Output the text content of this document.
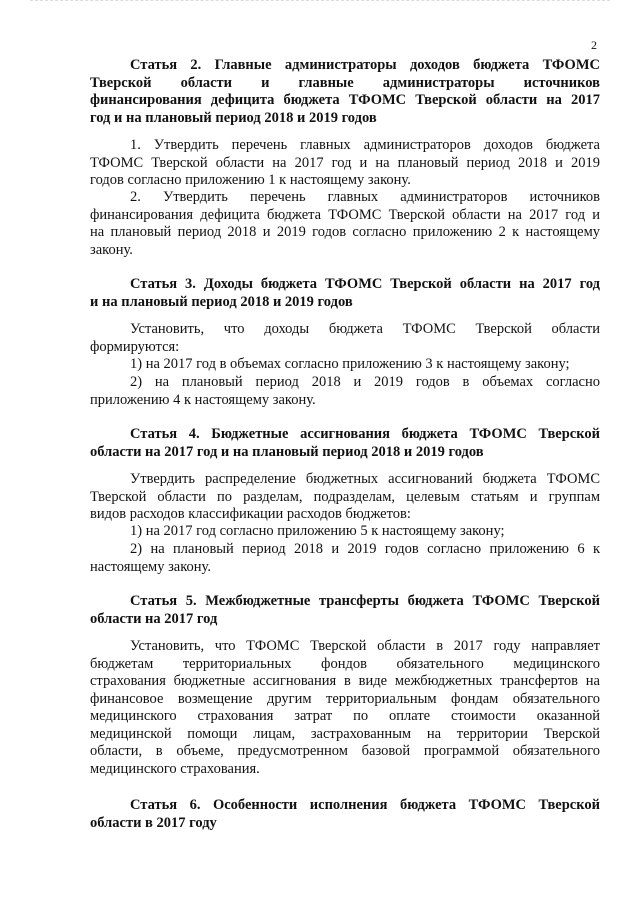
2
Статья 2. Главные администраторы доходов бюджета ТФОМС
Тверской области и главные администраторы источников
финансирования дефицита бюджета ТФОМС Тверской области на 2017
год и на плановый период 2018 и 2019 годов
1. Утвердить перечень главных администраторов доходов бюджета
ТФОМС Тверской области на 2017 год и на плановый период 2018 и 2019
годов согласно приложению 1 к настоящему закону.
2. Утвердить перечень главных администраторов источников
финансирования дефицита бюджета ТФОМС Тверской области на 2017 год и
на плановый период 2018 и 2019 годов согласно приложению 2 к настоящему
закону.
Статья 3. Доходы бюджета ТФОМС Тверской области на 2017 год
и на плановый период 2018 и 2019 годов
Установить, что доходы бюджета ТФОМС Тверской области
формируются:
1) на 2017 год в объемах согласно приложению 3 к настоящему закону;
2) на плановый период 2018 и 2019 годов в объемах согласно
приложению 4 к настоящему закону.
Статья 4. Бюджетные ассигнования бюджета ТФОМС Тверской
области на 2017 год и на плановый период 2018 и 2019 годов
Утвердить распределение бюджетных ассигнований бюджета ТФОМС
Тверской области по разделам, подразделам, целевым статьям и группам
видов расходов классификации расходов бюджетов:
1) на 2017 год согласно приложению 5 к настоящему закону;
2) на плановый период 2018 и 2019 годов согласно приложению 6 к
настоящему закону.
Статья 5. Межбюджетные трансферты бюджета ТФОМС Тверской
области на 2017 год
Установить, что ТФОМС Тверской области в 2017 году направляет
бюджетам территориальных фондов обязательного медицинского
страхования бюджетные ассигнования в виде межбюджетных трансфертов на
финансовое возмещение другим территориальным фондам обязательного
медицинского страхования затрат по оплате стоимости оказанной
медицинской помощи лицам, застрахованным на территории Тверской
области, в объеме, предусмотренном базовой программой обязательного
медицинского страхования.
Статья 6. Особенности исполнения бюджета ТФОМС Тверской
области в 2017 году
